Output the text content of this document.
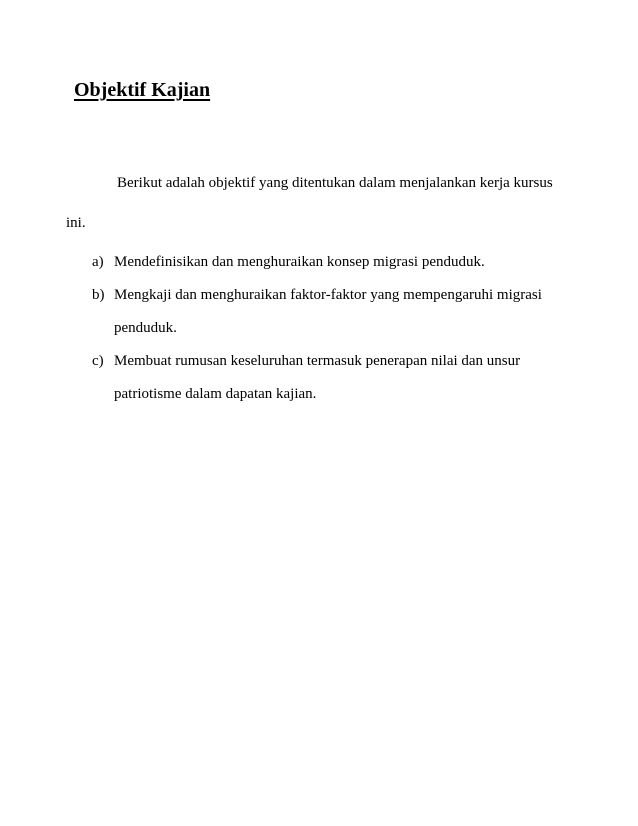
Objektif Kajian

Berikut adalah objektif yang ditentukan dalam menjalankan kerja kursus ini.

a) Mendefinisikan dan menghuraikan konsep migrasi penduduk.
b) Mengkaji dan menghuraikan faktor-faktor yang mempengaruhi migrasi penduduk.
c) Membuat rumusan keseluruhan termasuk penerapan nilai dan unsur patriotisme dalam dapatan kajian.
